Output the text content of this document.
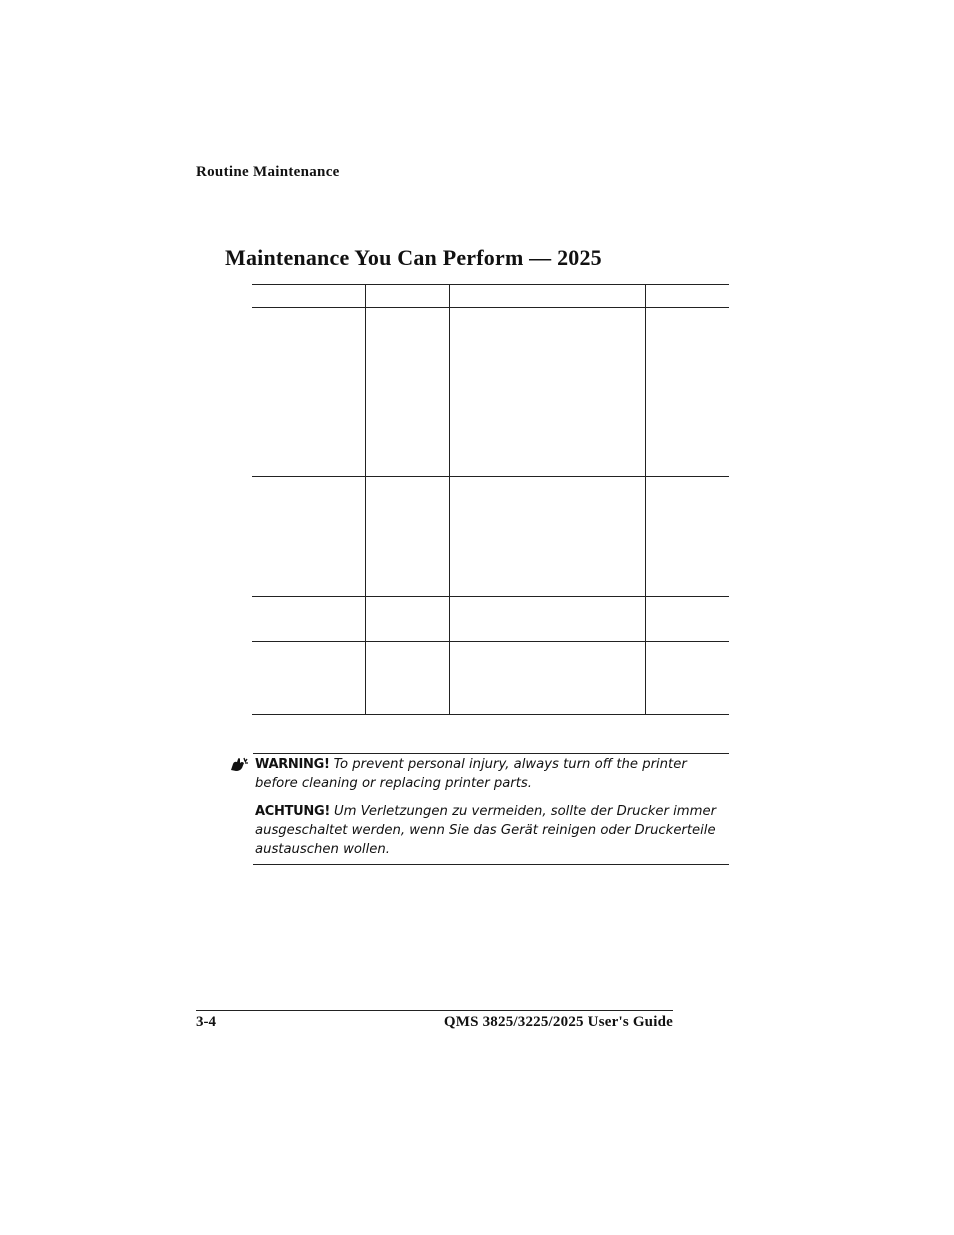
Routine Maintenance
Maintenance You Can Perform — 2025
WARNING! To prevent personal injury, always turn off the printer before cleaning or replacing printer parts.
ACHTUNG! Um Verletzungen zu vermeiden, sollte der Drucker immer ausgeschaltet werden, wenn Sie das Gerät reinigen oder Druckerteile austauschen wollen.
3-4	QMS 3825/3225/2025 User's Guide
